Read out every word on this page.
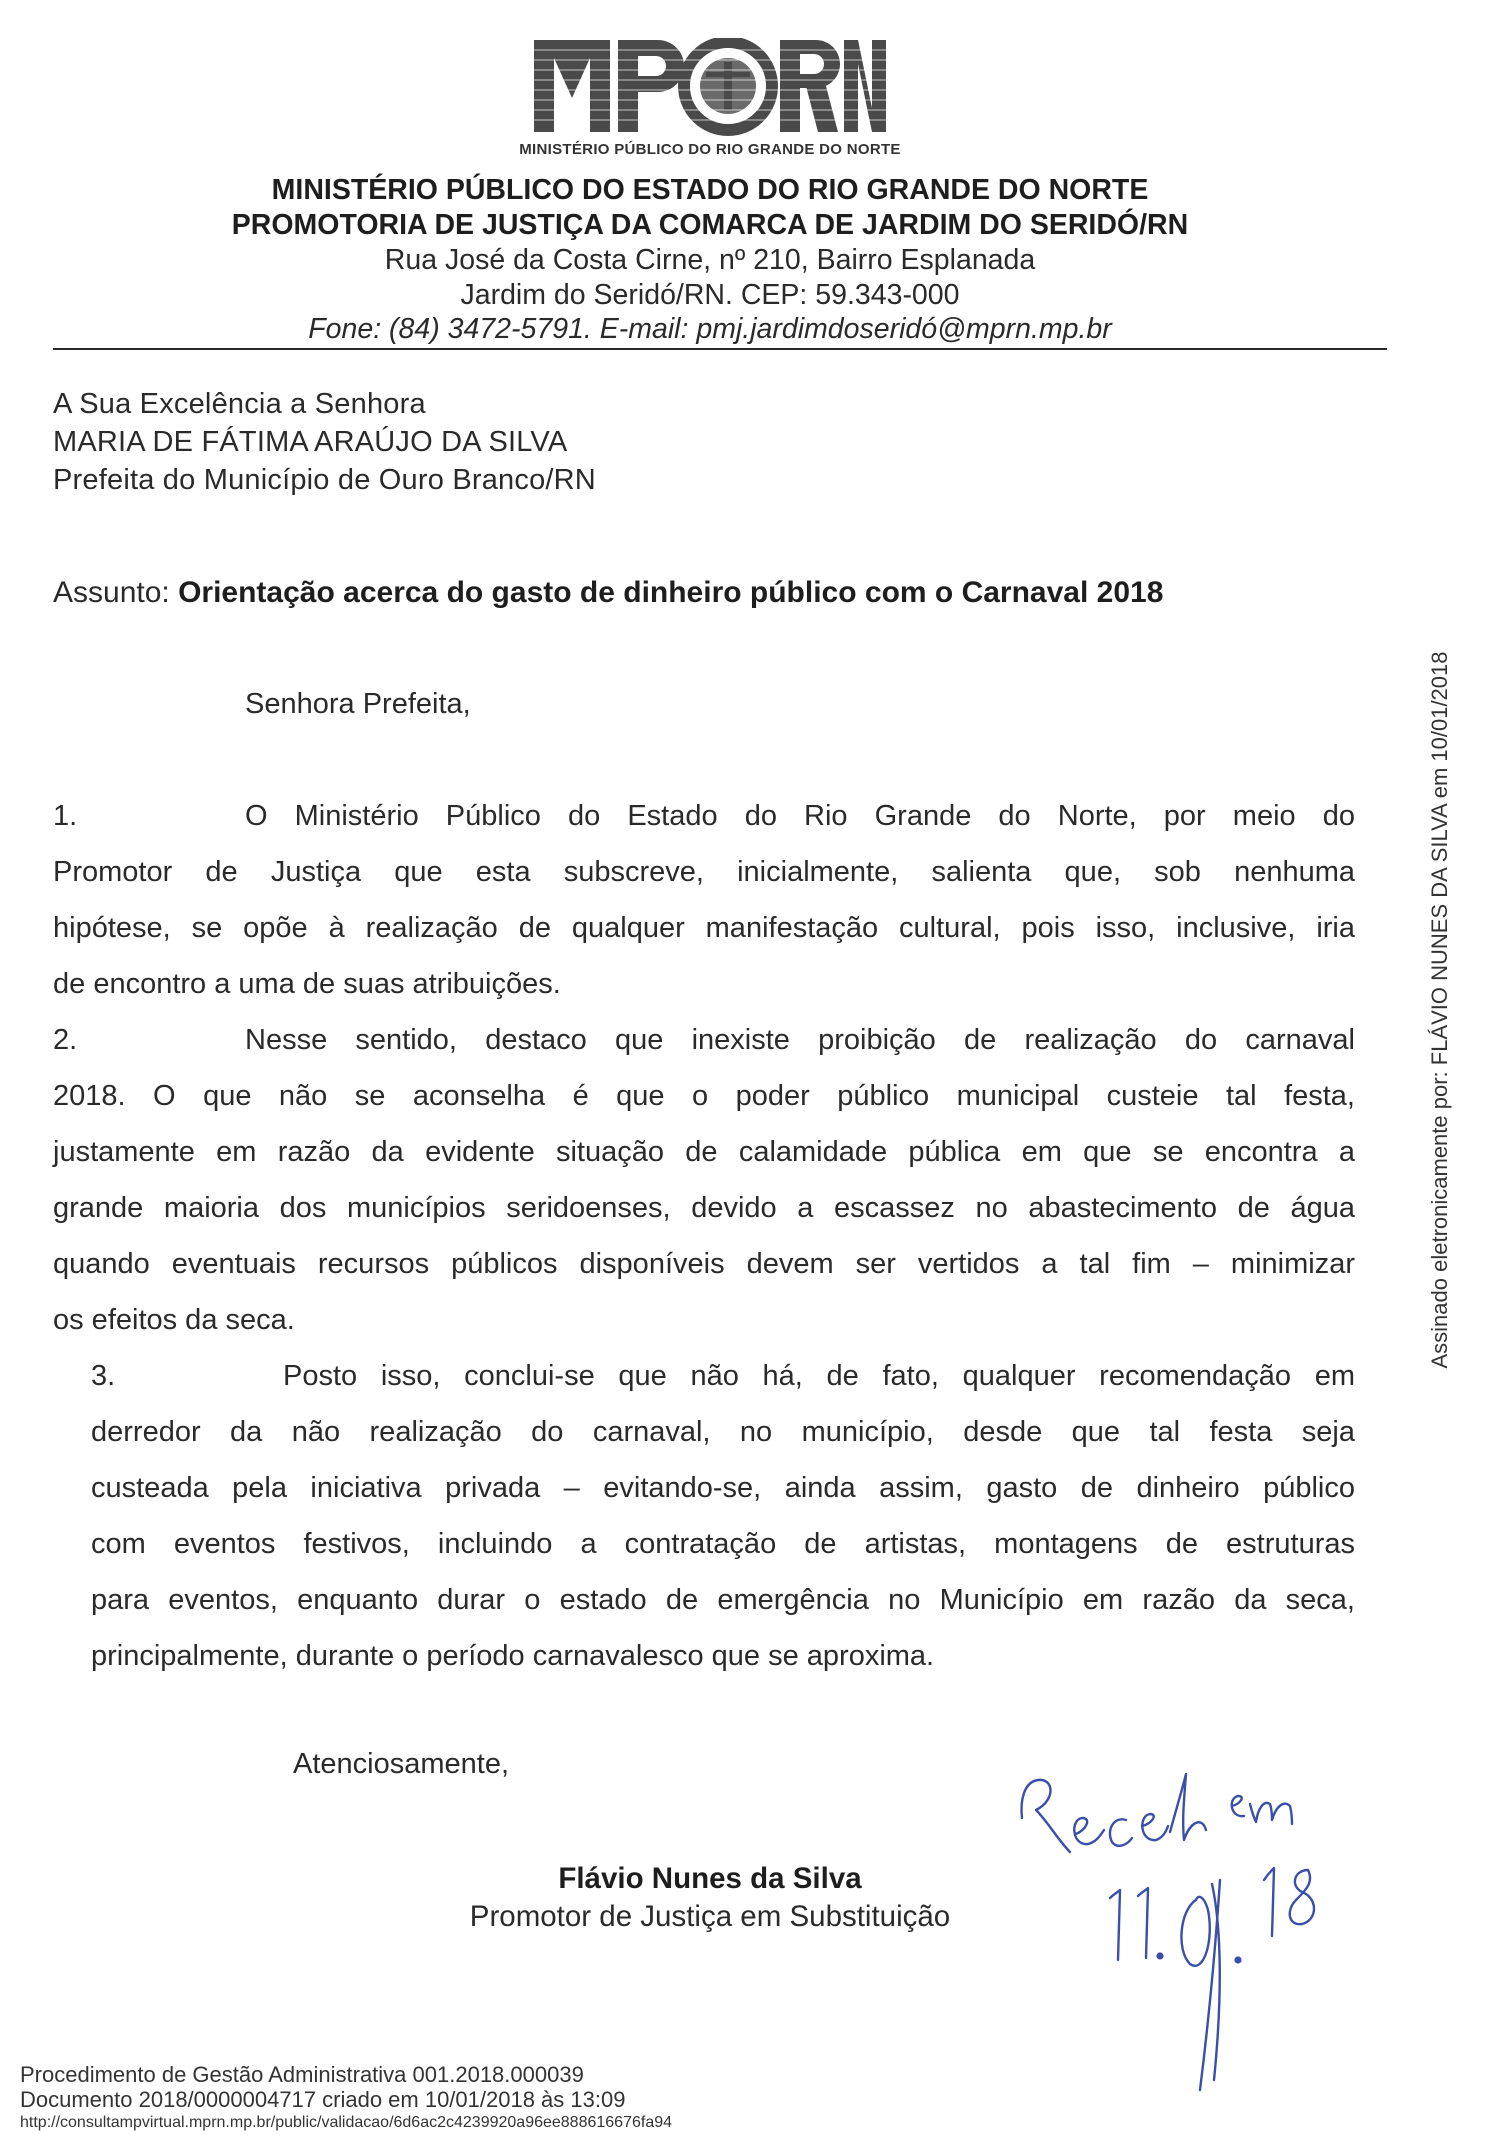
MINISTÉRIO PÚBLICO DO RIO GRANDE DO NORTE
MINISTÉRIO PÚBLICO DO ESTADO DO RIO GRANDE DO NORTE
PROMOTORIA DE JUSTIÇA DA COMARCA DE JARDIM DO SERIDÓ/RN
Rua José da Costa Cirne, nº 210, Bairro Esplanada
Jardim do Seridó/RN. CEP: 59.343-000
Fone: (84) 3472-5791. E-mail: pmj.jardimdoseridó@mprn.mp.br
A Sua Excelência a Senhora
MARIA DE FÁTIMA ARAÚJO DA SILVA
Prefeita do Município de Ouro Branco/RN
Assunto: Orientação acerca do gasto de dinheiro público com o Carnaval 2018
Senhora Prefeita,
1.	O Ministério Público do Estado do Rio Grande do Norte, por meio do
Promotor de Justiça que esta subscreve, inicialmente, salienta que, sob nenhuma
hipótese, se opõe à realização de qualquer manifestação cultural, pois isso, inclusive, iria
de encontro a uma de suas atribuições.
2.	Nesse sentido, destaco que inexiste proibição de realização do carnaval
2018. O que não se aconselha é que o poder público municipal custeie tal festa,
justamente em razão da evidente situação de calamidade pública em que se encontra a
grande maioria dos municípios seridoenses, devido a escassez no abastecimento de água
quando eventuais recursos públicos disponíveis devem ser vertidos a tal fim – minimizar
os efeitos da seca.
3.	Posto isso, conclui-se que não há, de fato, qualquer recomendação em
derredor da não realização do carnaval, no município, desde que tal festa seja
custeada pela iniciativa privada – evitando-se, ainda assim, gasto de dinheiro público
com eventos festivos, incluindo a contratação de artistas, montagens de estruturas
para eventos, enquanto durar o estado de emergência no Município em razão da seca,
principalmente, durante o período carnavalesco que se aproxima.
Atenciosamente,
Flávio Nunes da Silva
Promotor de Justiça em Substituição
Assinado eletronicamente por: FLÁVIO NUNES DA SILVA em 10/01/2018
Procedimento de Gestão Administrativa 001.2018.000039
Documento 2018/0000004717 criado em 10/01/2018 às 13:09
http://consultampvirtual.mprn.mp.br/public/validacao/6d6ac2c4239920a96ee888616676fa94
